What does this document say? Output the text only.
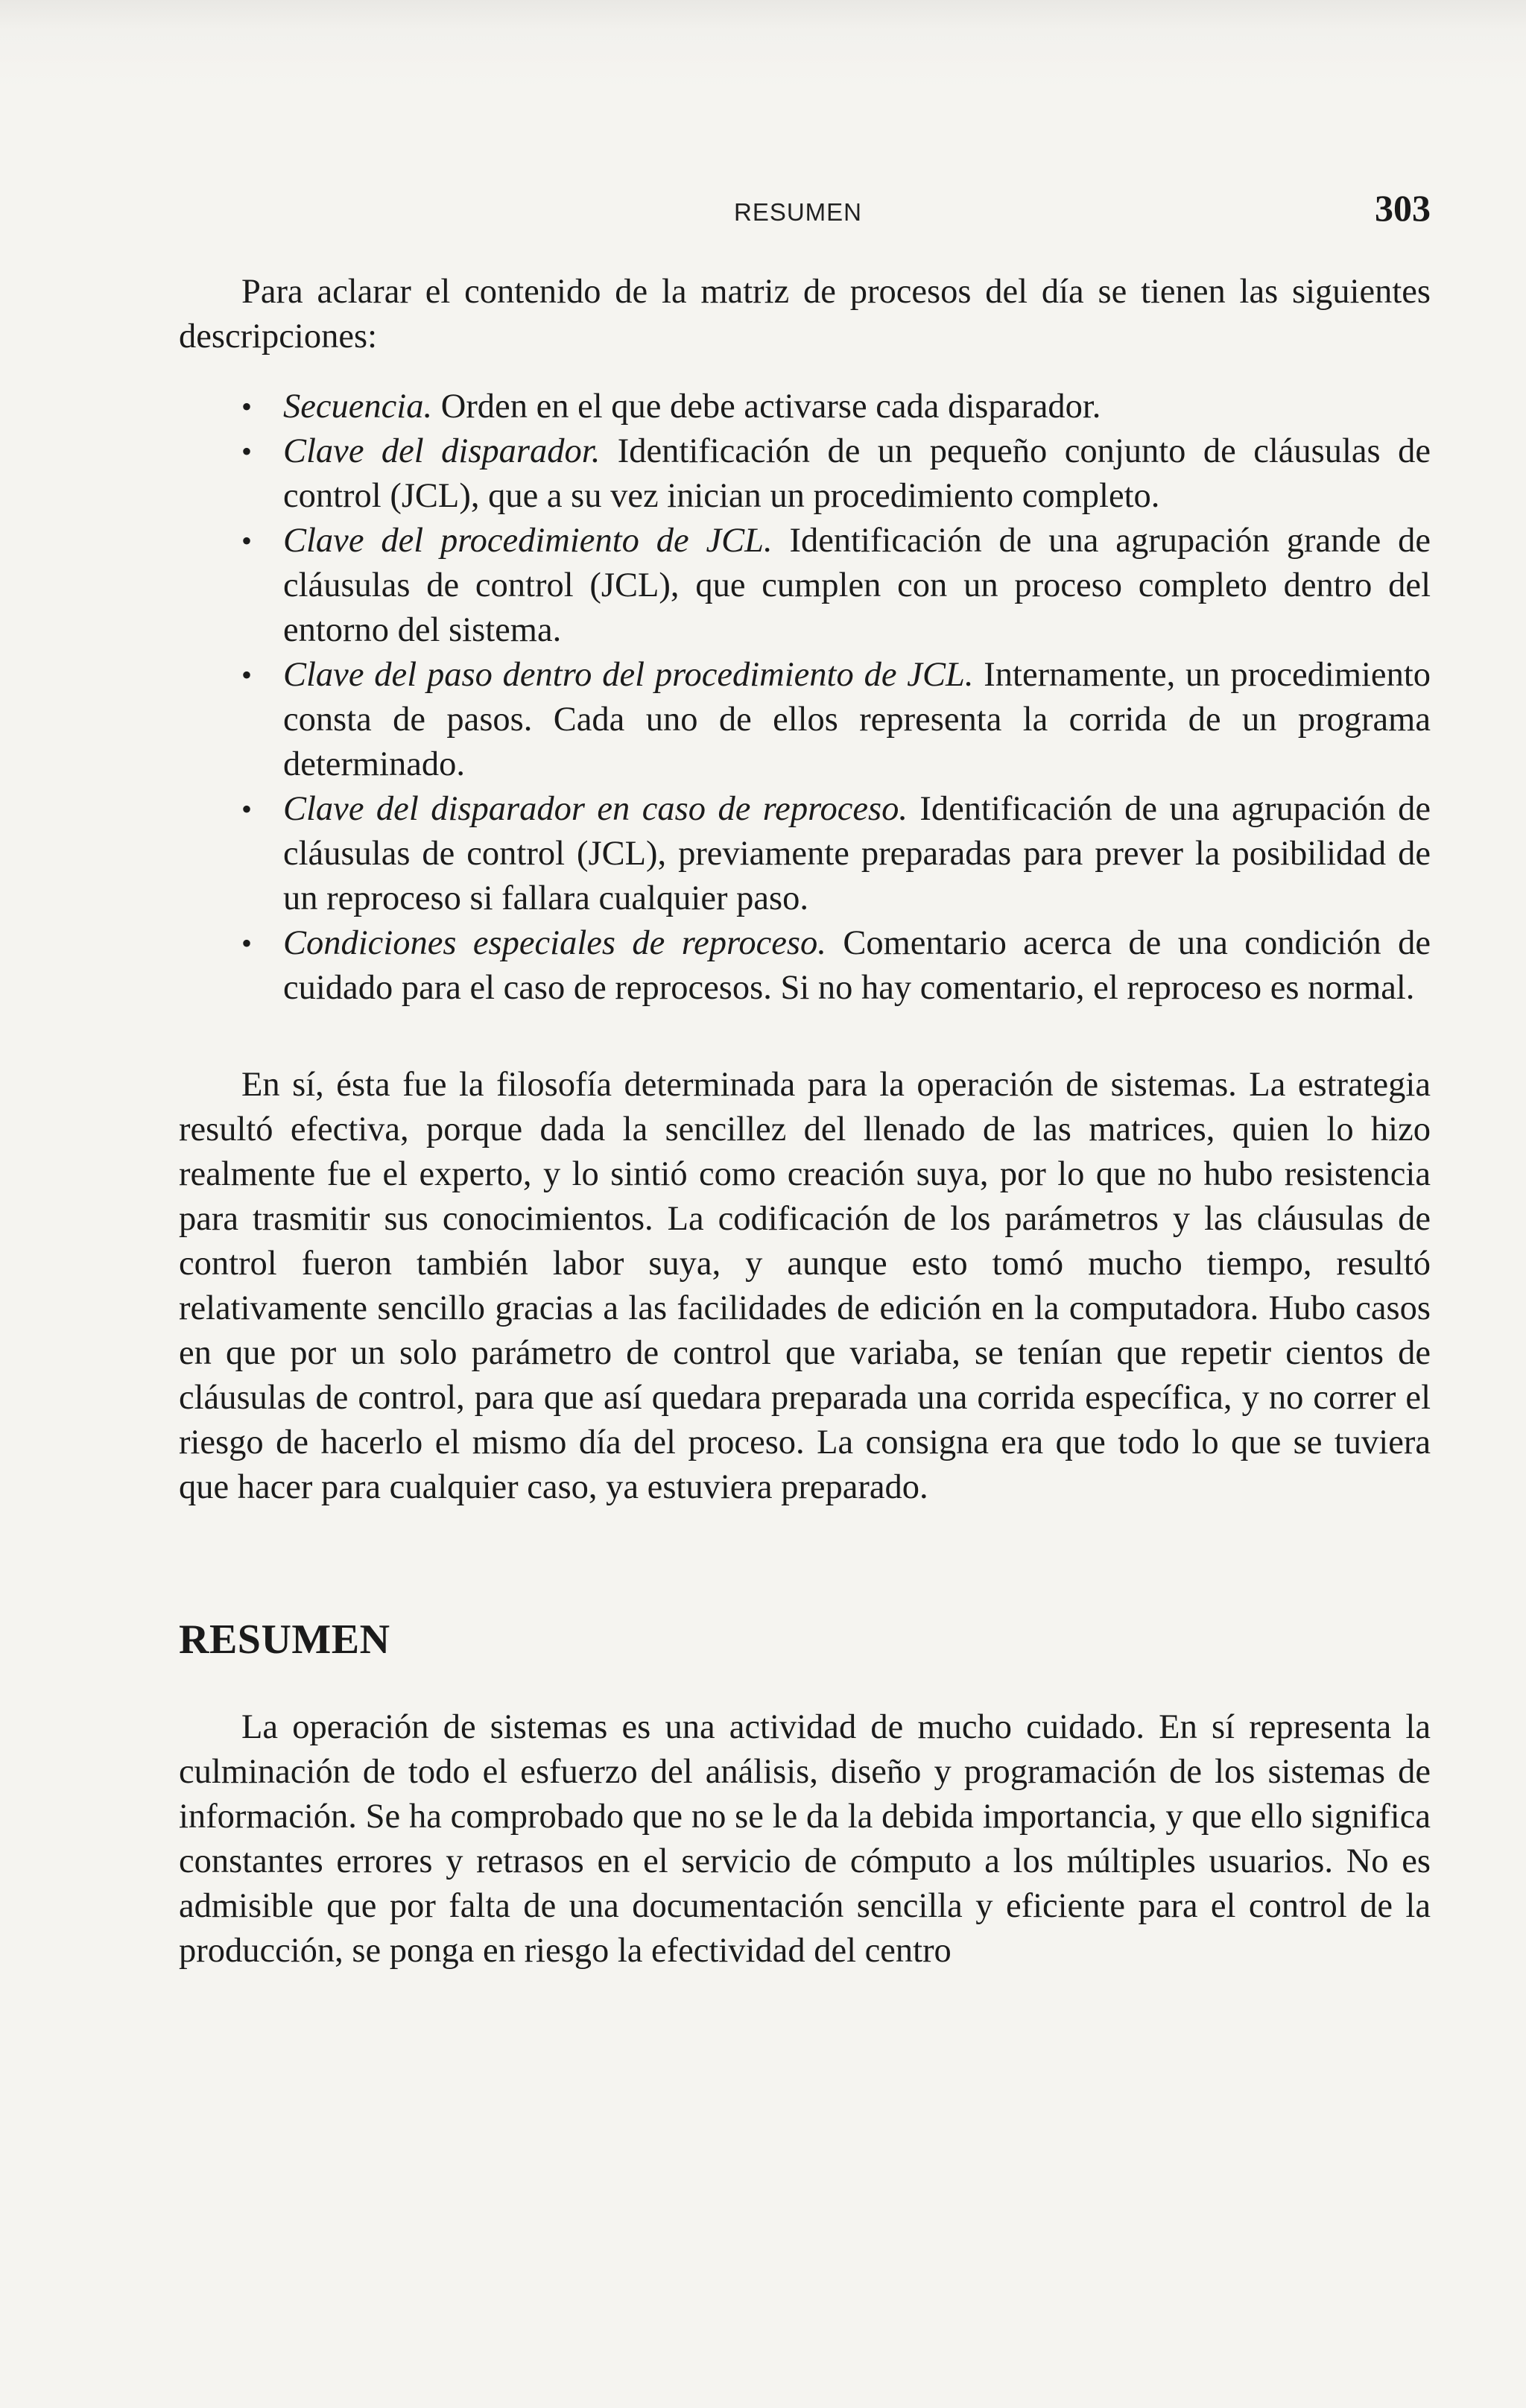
RESUMEN	303

Para aclarar el contenido de la matriz de procesos del día se tienen las siguientes descripciones:

• Secuencia. Orden en el que debe activarse cada disparador.
• Clave del disparador. Identificación de un pequeño conjunto de cláusulas de control (JCL), que a su vez inician un procedimiento completo.
• Clave del procedimiento de JCL. Identificación de una agrupación grande de cláusulas de control (JCL), que cumplen con un proceso completo dentro del entorno del sistema.
• Clave del paso dentro del procedimiento de JCL. Internamente, un procedimiento consta de pasos. Cada uno de ellos representa la corrida de un programa determinado.
• Clave del disparador en caso de reproceso. Identificación de una agrupación de cláusulas de control (JCL), previamente preparadas para prever la posibilidad de un reproceso si fallara cualquier paso.
• Condiciones especiales de reproceso. Comentario acerca de una condición de cuidado para el caso de reprocesos. Si no hay comentario, el reproceso es normal.

En sí, ésta fue la filosofía determinada para la operación de sistemas. La estrategia resultó efectiva, porque dada la sencillez del llenado de las matrices, quien lo hizo realmente fue el experto, y lo sintió como creación suya, por lo que no hubo resistencia para trasmitir sus conocimientos. La codificación de los parámetros y las cláusulas de control fueron también labor suya, y aunque esto tomó mucho tiempo, resultó relativamente sencillo gracias a las facilidades de edición en la computadora. Hubo casos en que por un solo parámetro de control que variaba, se tenían que repetir cientos de cláusulas de control, para que así quedara preparada una corrida específica, y no correr el riesgo de hacerlo el mismo día del proceso. La consigna era que todo lo que se tuviera que hacer para cualquier caso, ya estuviera preparado.

RESUMEN

La operación de sistemas es una actividad de mucho cuidado. En sí representa la culminación de todo el esfuerzo del análisis, diseño y programación de los sistemas de información. Se ha comprobado que no se le da la debida importancia, y que ello significa constantes errores y retrasos en el servicio de cómputo a los múltiples usuarios. No es admisible que por falta de una documentación sencilla y eficiente para el control de la producción, se ponga en riesgo la efectividad del centro
